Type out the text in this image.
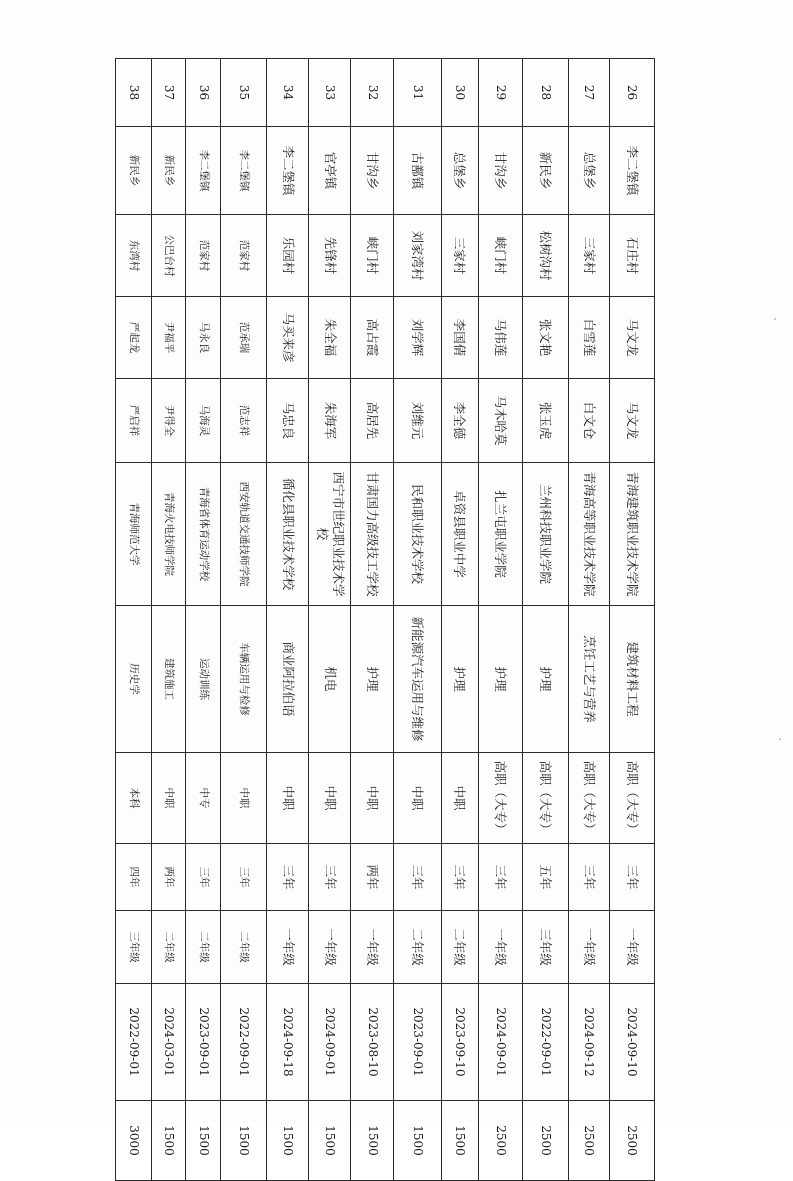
26	李二堡镇	石庄村	马文龙	马文龙	青海建筑职业技术学院	建筑材料工程	高职（大专）	三年	一年级	2024-09-10	2500
27	总堡乡	三家村	白雪莲	白文仓	青海高等职业技术学院	烹饪工艺与营养	高职（大专）	三年	一年级	2024-09-12	2500
28	新民乡	松树沟村	张文艳	张玉虎	兰州科技职业学院	护理	高职（大专）	五年	三年级	2022-09-01	2500
29	甘沟乡	峡门村	马伟莲	马木哈莫	扎兰屯职业学院	护理	高职（大专）	三年	一年级	2024-09-01	2500
30	总堡乡	三家村	李国倩	李全德	卓资县职业中学	护理	中职	三年	二年级	2023-09-10	1500
31	古鄯镇	刘家湾村	刘学辉	刘维元	民和职业技术学校	新能源汽车运用与维修	中职	三年	二年级	2023-09-01	1500
32	甘沟乡	峡门村	高占霞	高居先	甘肃国力高级技工学校	护理	中职	两年	一年级	2023-08-10	1500
33	官亭镇	先锋村	朱全福	朱海军	西宁市世纪职业技术学校	机电	中职	三年	一年级	2024-09-01	1500
34	李二堡镇	乐园村	马买来彦	马忠良	循化县职业技术学校	商业阿拉伯语	中职	三年	一年级	2024-09-18	1500
35	李二堡镇	范家村	范承瑞	范志祥	西安轨道交通技师学院	车辆运用与检修	中职	三年	二年级	2022-09-01	1500
36	李二堡镇	范家村	马永良	马海灵	青海省体育运动学校	运动训练	中专	三年	二年级	2023-09-01	1500
37	新民乡	公巴台村	尹福平	尹得全	青海火电技师学院	建筑施工	中职	两年	二年级	2024-03-01	1500
38	新民乡	东湾村	严起龙	严启祥	青海师范大学	历史学	本科	四年	三年级	2022-09-01	3000
